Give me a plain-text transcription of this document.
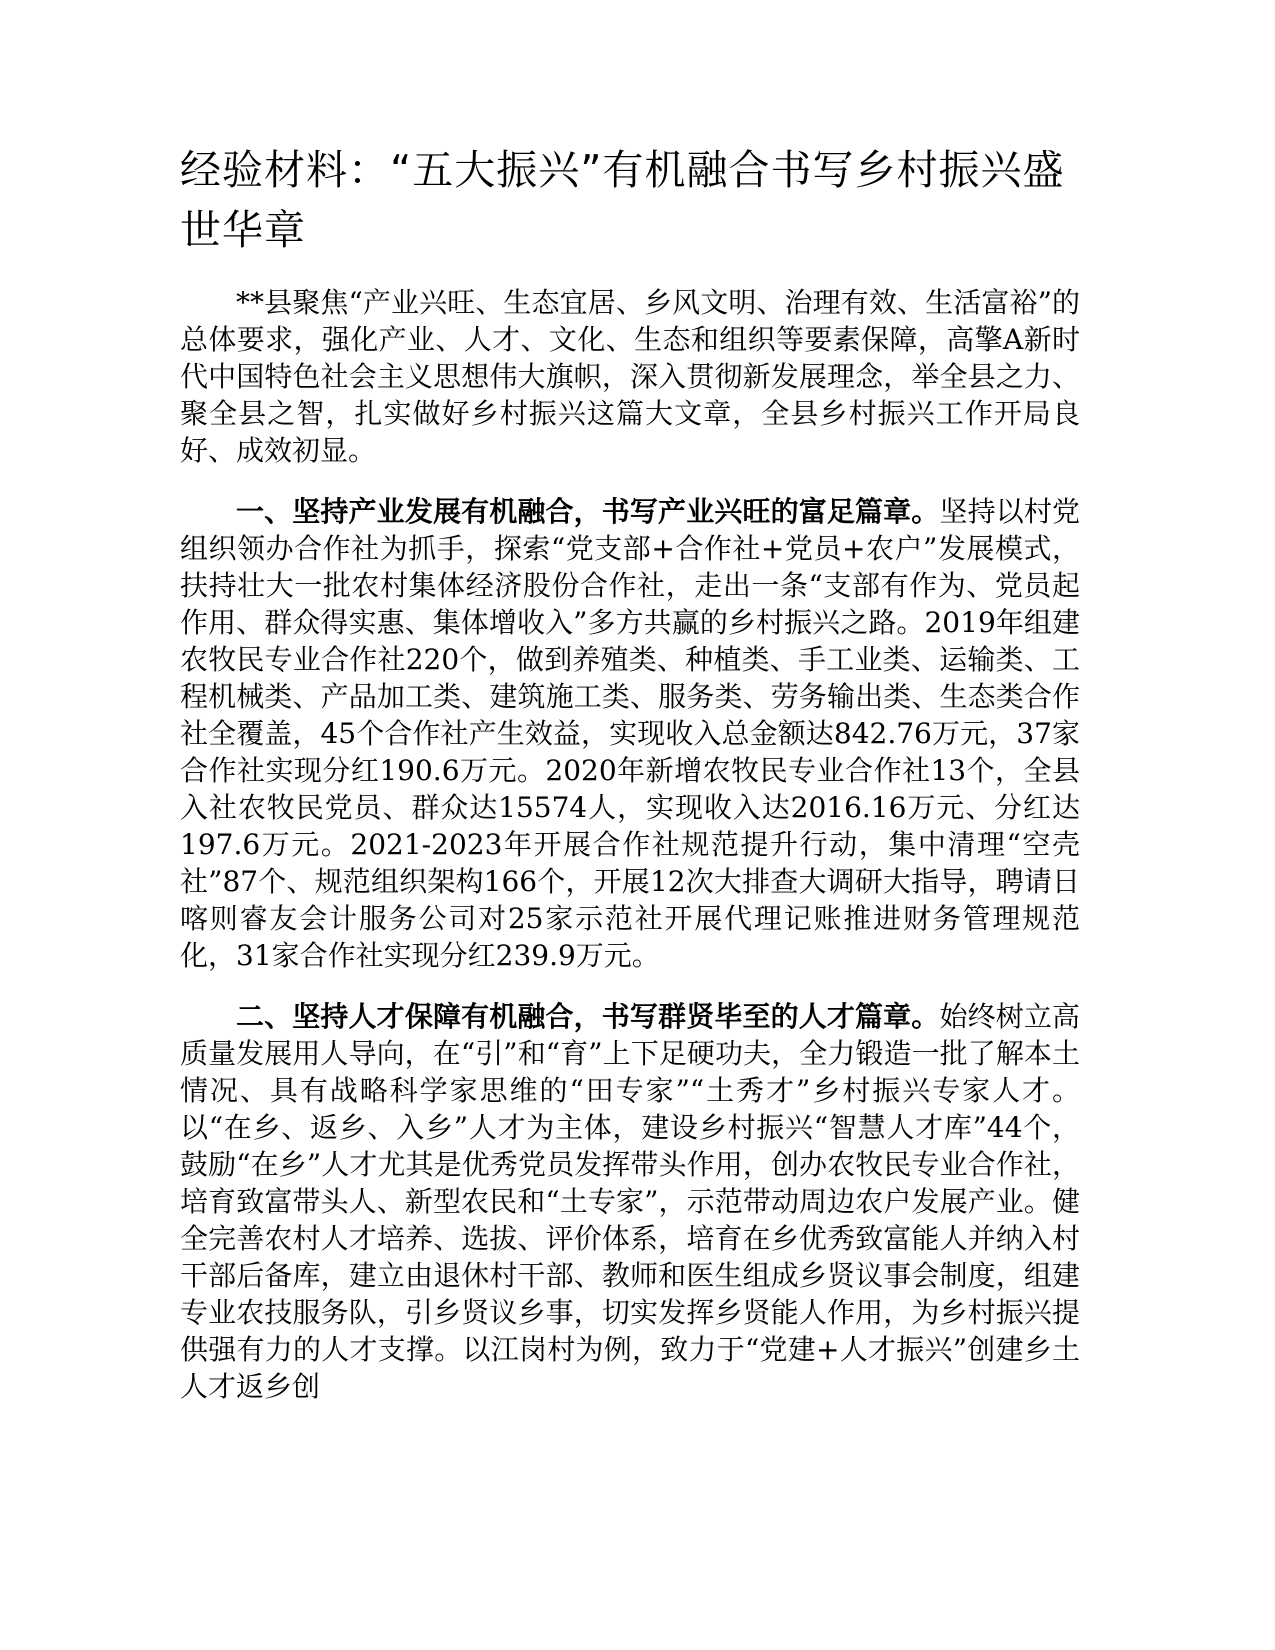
经验材料：“五大振兴”有机融合书写乡村振兴盛世华章

**县聚焦“产业兴旺、生态宜居、乡风文明、治理有效、生活富裕”的总体要求，强化产业、人才、文化、生态和组织等要素保障，高擎A新时代中国特色社会主义思想伟大旗帜，深入贯彻新发展理念，举全县之力、聚全县之智，扎实做好乡村振兴这篇大文章，全县乡村振兴工作开局良好、成效初显。

一、坚持产业发展有机融合，书写产业兴旺的富足篇章。坚持以村党组织领办合作社为抓手，探索“党支部+合作社+党员+农户”发展模式，扶持壮大一批农村集体经济股份合作社，走出一条“支部有作为、党员起作用、群众得实惠、集体增收入”多方共赢的乡村振兴之路。2019年组建农牧民专业合作社220个，做到养殖类、种植类、手工业类、运输类、工程机械类、产品加工类、建筑施工类、服务类、劳务输出类、生态类合作社全覆盖，45个合作社产生效益，实现收入总金额达842.76万元，37家合作社实现分红190.6万元。2020年新增农牧民专业合作社13个，全县入社农牧民党员、群众达15574人，实现收入达2016.16万元、分红达197.6万元。2021-2023年开展合作社规范提升行动，集中清理“空壳社”87个、规范组织架构166个，开展12次大排查大调研大指导，聘请日喀则睿友会计服务公司对25家示范社开展代理记账推进财务管理规范化，31家合作社实现分红239.9万元。

二、坚持人才保障有机融合，书写群贤毕至的人才篇章。始终树立高质量发展用人导向，在“引”和“育”上下足硬功夫，全力锻造一批了解本土情况、具有战略科学家思维的“田专家”“土秀才”乡村振兴专家人才。以“在乡、返乡、入乡”人才为主体，建设乡村振兴“智慧人才库”44个，鼓励“在乡”人才尤其是优秀党员发挥带头作用，创办农牧民专业合作社，培育致富带头人、新型农民和“土专家”，示范带动周边农户发展产业。健全完善农村人才培养、选拔、评价体系，培育在乡优秀致富能人并纳入村干部后备库，建立由退休村干部、教师和医生组成乡贤议事会制度，组建专业农技服务队，引乡贤议乡事，切实发挥乡贤能人作用，为乡村振兴提供强有力的人才支撑。以江岗村为例，致力于“党建+人才振兴”创建乡土人才返乡创
